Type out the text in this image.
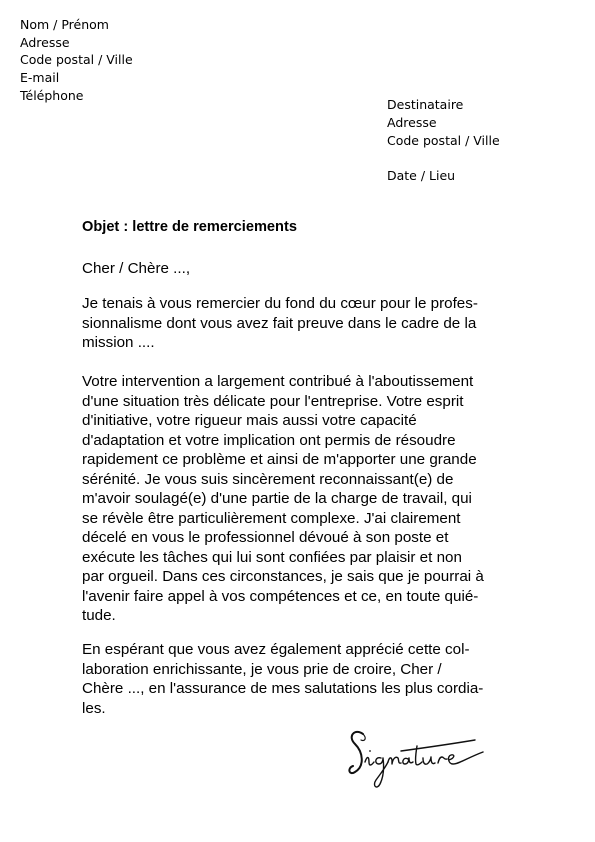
Nom / Prénom
Adresse
Code postal / Ville
E-mail
Téléphone
Destinataire
Adresse
Code postal / Ville
Date / Lieu
Objet : lettre de remerciements
Cher / Chère ...,
Je tenais à vous remercier du fond du cœur pour le profes-
sionnalisme dont vous avez fait preuve dans le cadre de la
mission ....
Votre intervention a largement contribué à l'aboutissement
d'une situation très délicate pour l'entreprise. Votre esprit
d'initiative, votre rigueur mais aussi votre capacité
d'adaptation et votre implication ont permis de résoudre
rapidement ce problème et ainsi de m'apporter une grande
sérénité. Je vous suis sincèrement reconnaissant(e) de
m'avoir soulagé(e) d'une partie de la charge de travail, qui
se révèle être particulièrement complexe. J'ai clairement
décelé en vous le professionnel dévoué à son poste et
exécute les tâches qui lui sont confiées par plaisir et non
par orgueil. Dans ces circonstances, je sais que je pourrai à
l'avenir faire appel à vos compétences et ce, en toute quié-
tude.
En espérant que vous avez également apprécié cette col-
laboration enrichissante, je vous prie de croire, Cher /
Chère ..., en l'assurance de mes salutations les plus cordia-
les.
